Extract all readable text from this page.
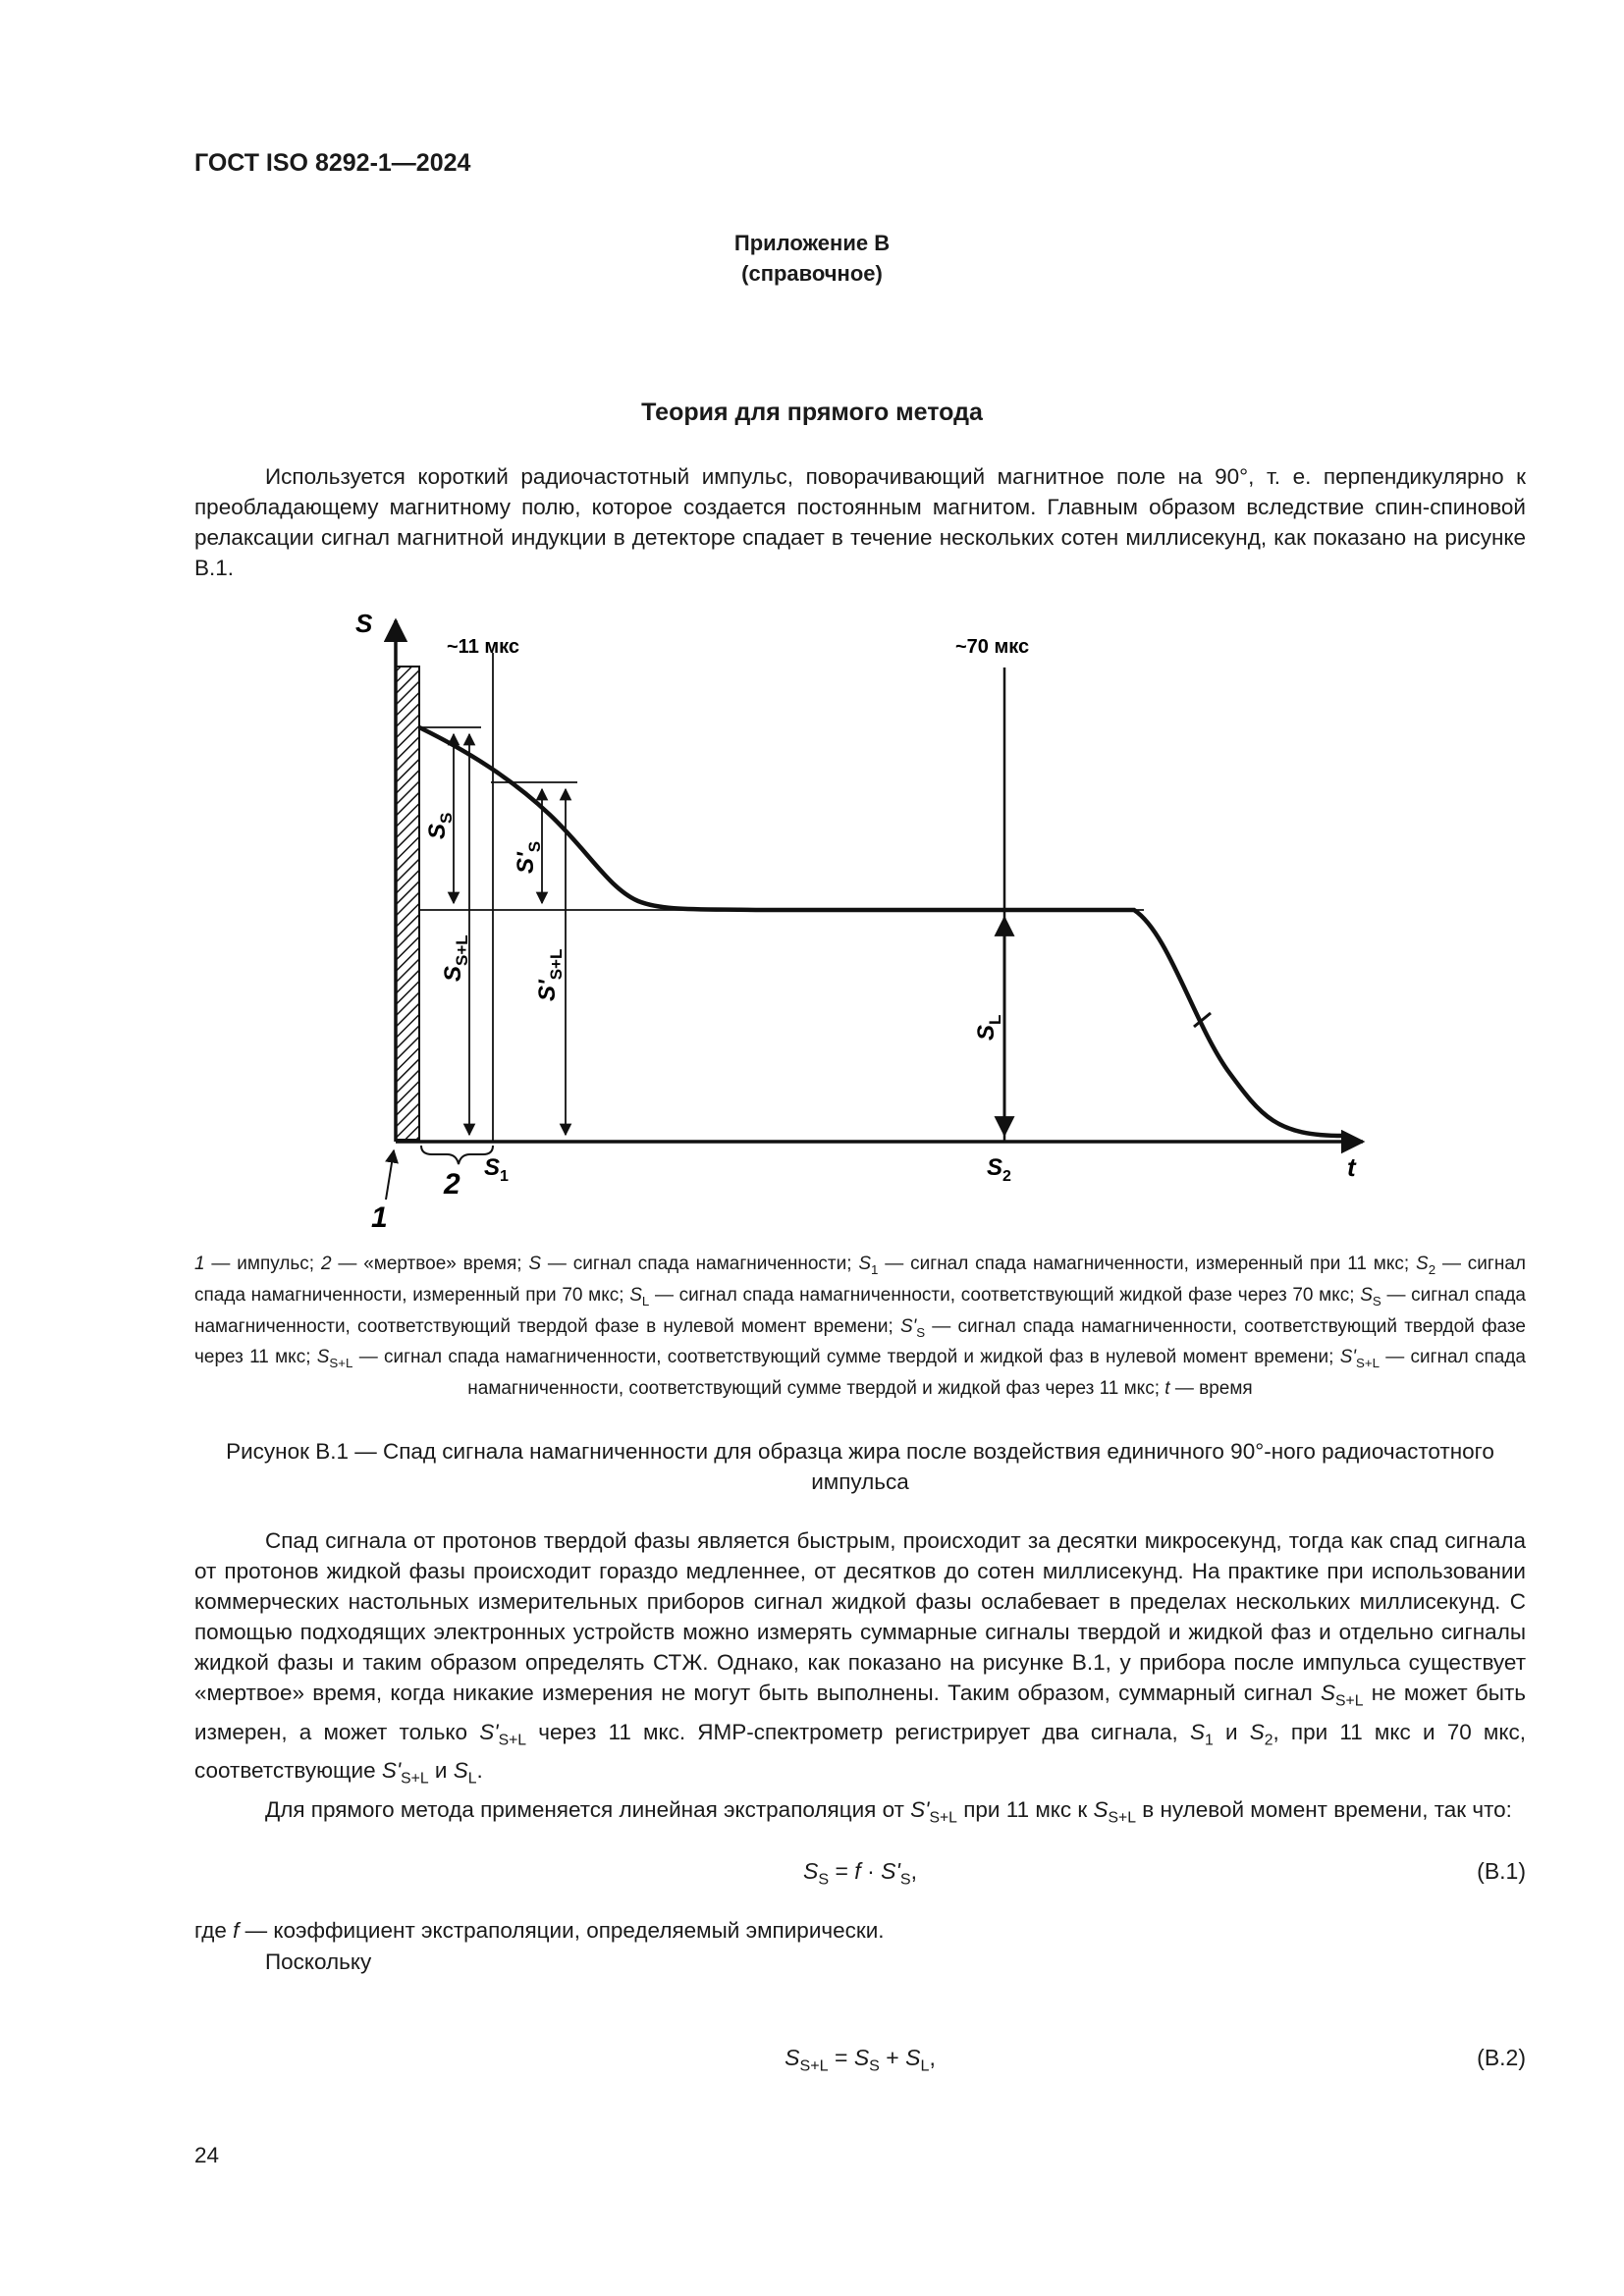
ГОСТ ISO 8292-1—2024
Приложение В
(справочное)
Теория для прямого метода

Используется короткий радиочастотный импульс, поворачивающий магнитное поле на 90°, т. е. перпендикулярно к преобладающему магнитному полю, которое создается постоянным магнитом. Главным образом вследствие спин-спиновой релаксации сигнал магнитной индукции в детекторе спадает в течение нескольких сотен миллисекунд, как показано на рисунке В.1.

S
t
~11 мкс	~70 мкс
$S_S$
$S_{S+L}$
$S'_S$
$S'_{S+L}$
$S_L$
$S_1$	$S_2$
2
1
1 — импульс; 2 — «мертвое» время; S — сигнал спада намагниченности; $S_1$ — сигнал спада намагниченности, измеренный при 11 мкс; $S_2$ — сигнал спада намагниченности, измеренный при 70 мкс; $S_L$ — сигнал спада намагниченности, соответствующий жидкой фазе через 70 мкс; $S_S$ — сигнал спада намагниченности, соответствующий твердой фазе в нулевой момент времени; $S'_S$ — сигнал спада намагниченности, соответствующий твердой фазе через 11 мкс; $S_{S+L}$ — сигнал спада намагниченности, соответствующий сумме твердой и жидкой фаз в нулевой момент времени; $S'_{S+L}$ — сигнал спада намагниченности, соответствующий сумме твердой и жидкой фаз через 11 мкс; t — время
Рисунок В.1 — Спад сигнала намагниченности для образца жира после воздействия единичного 90°-ного радиочастотного импульса

Спад сигнала от протонов твердой фазы является быстрым, происходит за десятки микросекунд, тогда как спад сигнала от протонов жидкой фазы происходит гораздо медленнее, от десятков до сотен миллисекунд. На практике при использовании коммерческих настольных измерительных приборов сигнал жидкой фазы ослабевает в пределах нескольких миллисекунд. С помощью подходящих электронных устройств можно измерять суммарные сигналы твердой и жидкой фаз и отдельно сигналы жидкой фазы и таким образом определять СТЖ. Однако, как показано на рисунке В.1, у прибора после импульса существует «мертвое» время, когда никакие измерения не могут быть выполнены. Таким образом, суммарный сигнал $S_{S+L}$ не может быть измерен, а может только $S'_{S+L}$ через 11 мкс. ЯМР-спектрометр регистрирует два сигнала, $S_1$ и $S_2$, при 11 мкс и 70 мкс, соответствующие $S'_{S+L}$ и $S_L$.

Для прямого метода применяется линейная экстраполяция от $S'_{S+L}$ при 11 мкс к $S_{S+L}$ в нулевой момент времени, так что:

$S_S = f \cdot S'_S$,	(В.1)
где f — коэффициент экстраполяции, определяемый эмпирически.
Поскольку
$S_{S+L} = S_S + S_L$,	(В.2)
24
